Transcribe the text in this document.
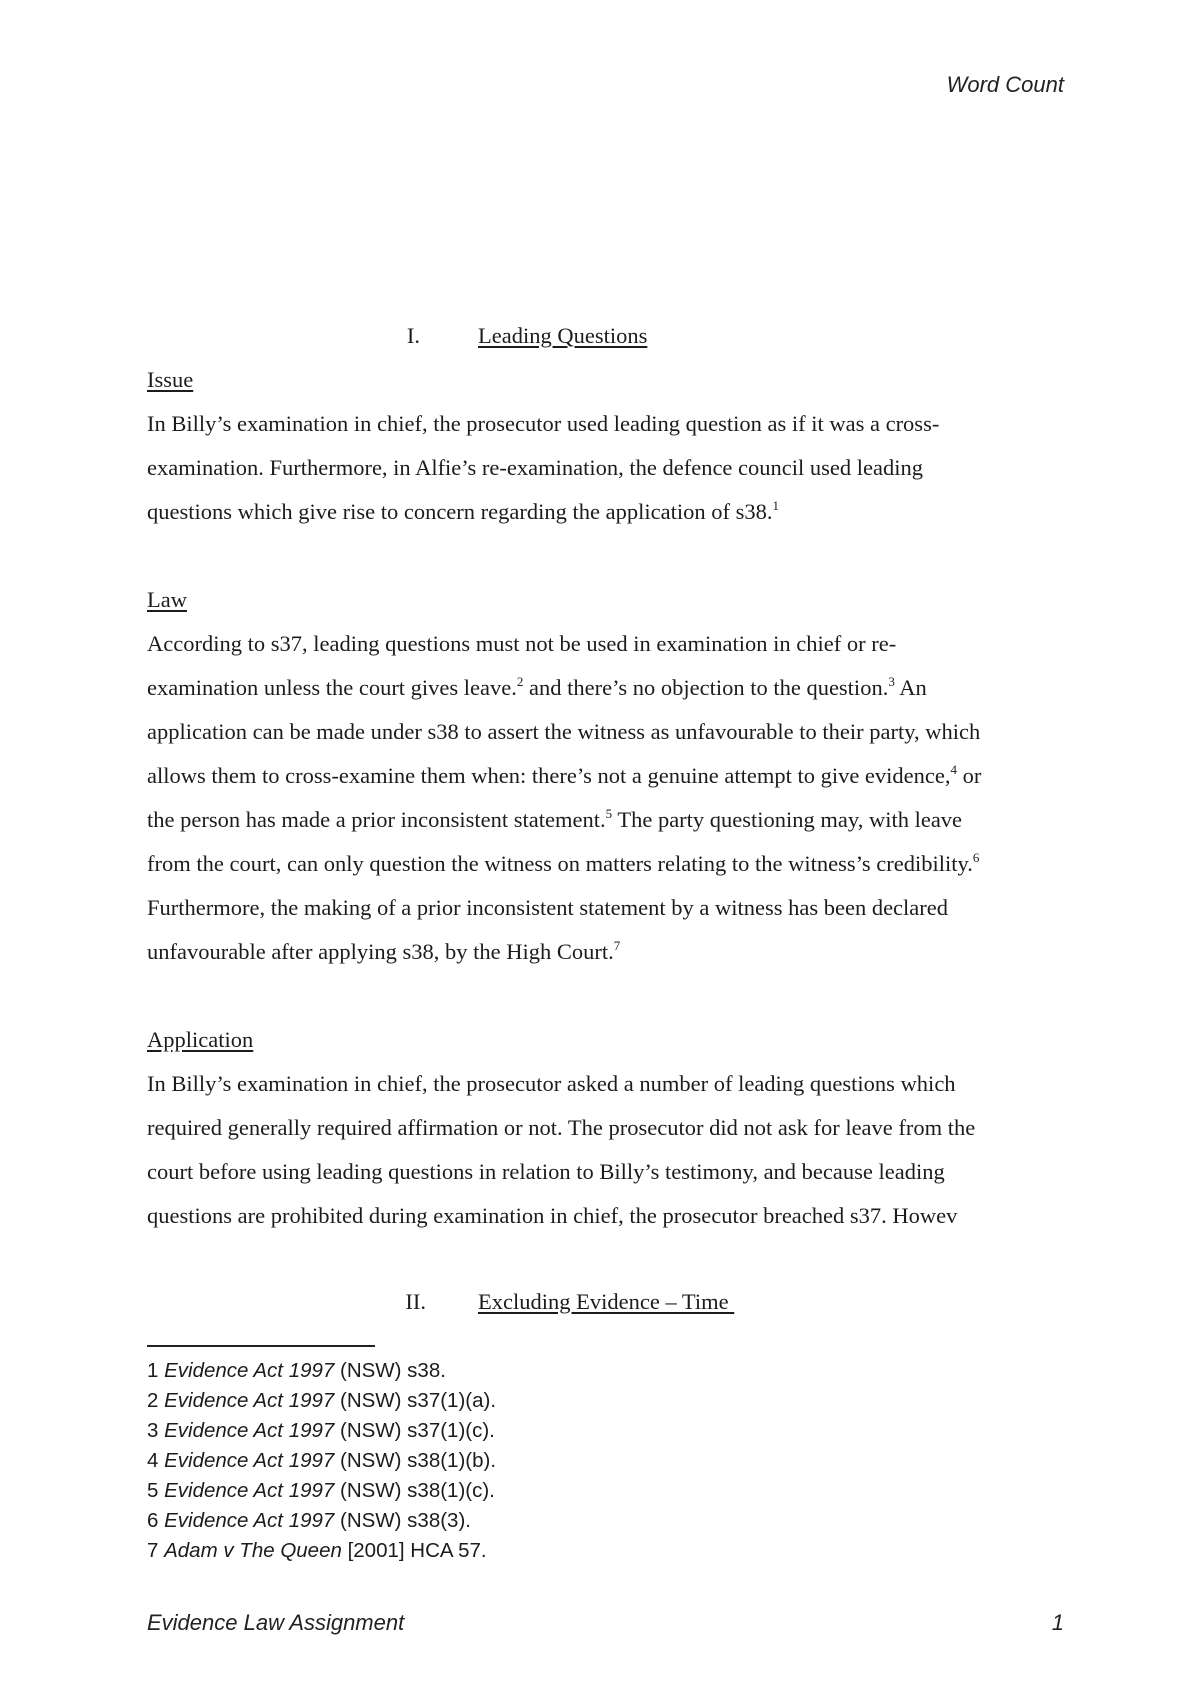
Word Count
I.	Leading Questions

Issue

In Billy’s examination in chief, the prosecutor used leading question as if it was a cross-

examination. Furthermore, in Alfie’s re-examination, the defence council used leading

questions which give rise to concern regarding the application of s38.$^1$

Law

According to s37, leading questions must not be used in examination in chief or re-

examination unless the court gives leave.$^2$ and there’s no objection to the question.$^3$ An

application can be made under s38 to assert the witness as unfavourable to their party, which

allows them to cross-examine them when: there’s not a genuine attempt to give evidence,$^4$ or

the person has made a prior inconsistent statement.$^5$ The party questioning may, with leave

from the court, can only question the witness on matters relating to the witness’s credibility.$^6$

Furthermore, the making of a prior inconsistent statement by a witness has been declared

unfavourable after applying s38, by the High Court.$^7$

Application

In Billy’s examination in chief, the prosecutor asked a number of leading questions which

required generally required affirmation or not. The prosecutor did not ask for leave from the

court before using leading questions in relation to Billy’s testimony, and because leading

questions are prohibited during examination in chief, the prosecutor breached s37. Howev

II. Excluding Evidence – Time
1 Evidence Act 1997 (NSW) s38.
2 Evidence Act 1997 (NSW) s37(1)(a).
3 Evidence Act 1997 (NSW) s37(1)(c).
4 Evidence Act 1997 (NSW) s38(1)(b).
5 Evidence Act 1997 (NSW) s38(1)(c).
6 Evidence Act 1997 (NSW) s38(3).
7 Adam v The Queen [2001] HCA 57.
Evidence Law Assignment	1
